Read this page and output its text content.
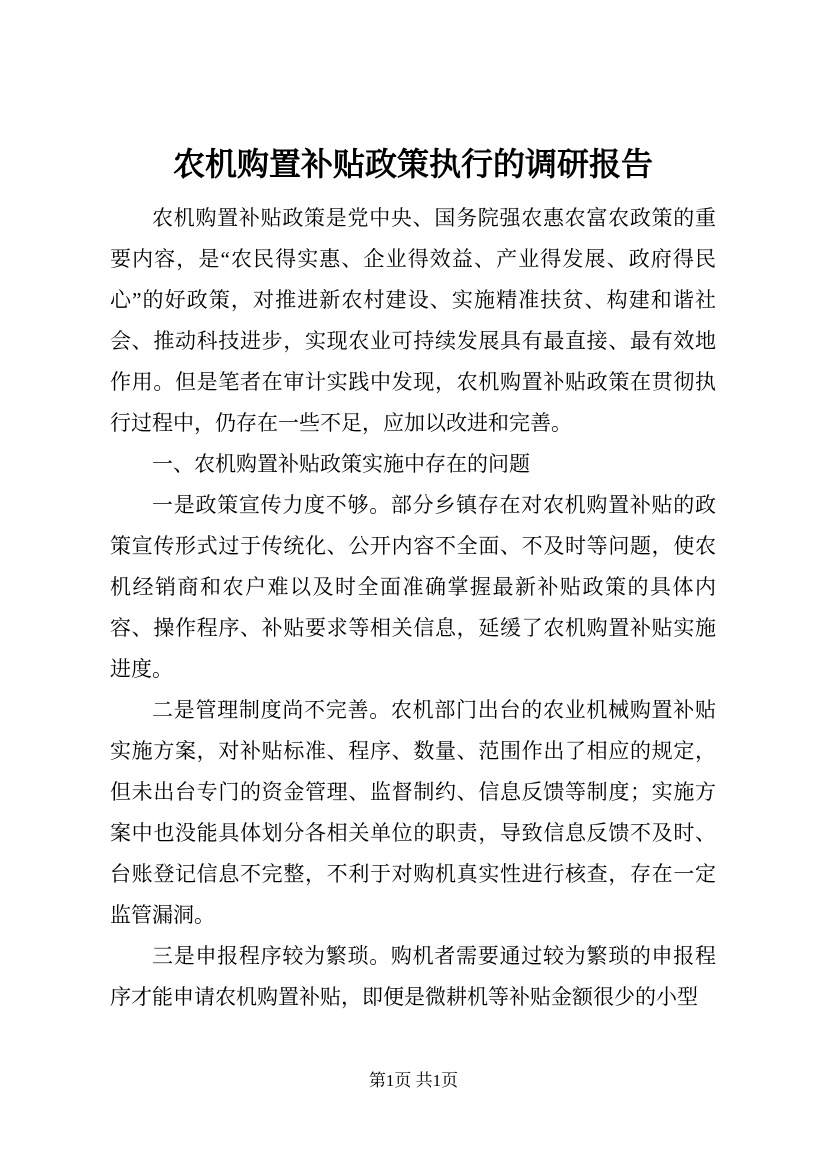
农机购置补贴政策执行的调研报告

农机购置补贴政策是党中央、国务院强农惠农富农政策的重要内容，是“农民得实惠、企业得效益、产业得发展、政府得民心”的好政策，对推进新农村建设、实施精准扶贫、构建和谐社会、推动科技进步，实现农业可持续发展具有最直接、最有效地作用。但是笔者在审计实践中发现，农机购置补贴政策在贯彻执行过程中，仍存在一些不足，应加以改进和完善。

一、农机购置补贴政策实施中存在的问题

一是政策宣传力度不够。部分乡镇存在对农机购置补贴的政策宣传形式过于传统化、公开内容不全面、不及时等问题，使农机经销商和农户难以及时全面准确掌握最新补贴政策的具体内容、操作程序、补贴要求等相关信息，延缓了农机购置补贴实施进度。

二是管理制度尚不完善。农机部门出台的农业机械购置补贴实施方案，对补贴标准、程序、数量、范围作出了相应的规定，但未出台专门的资金管理、监督制约、信息反馈等制度；实施方案中也没能具体划分各相关单位的职责，导致信息反馈不及时、台账登记信息不完整，不利于对购机真实性进行核查，存在一定监管漏洞。

三是申报程序较为繁琐。购机者需要通过较为繁琐的申报程序才能申请农机购置补贴，即便是微耕机等补贴金额很少的小型

第1页 共1页
